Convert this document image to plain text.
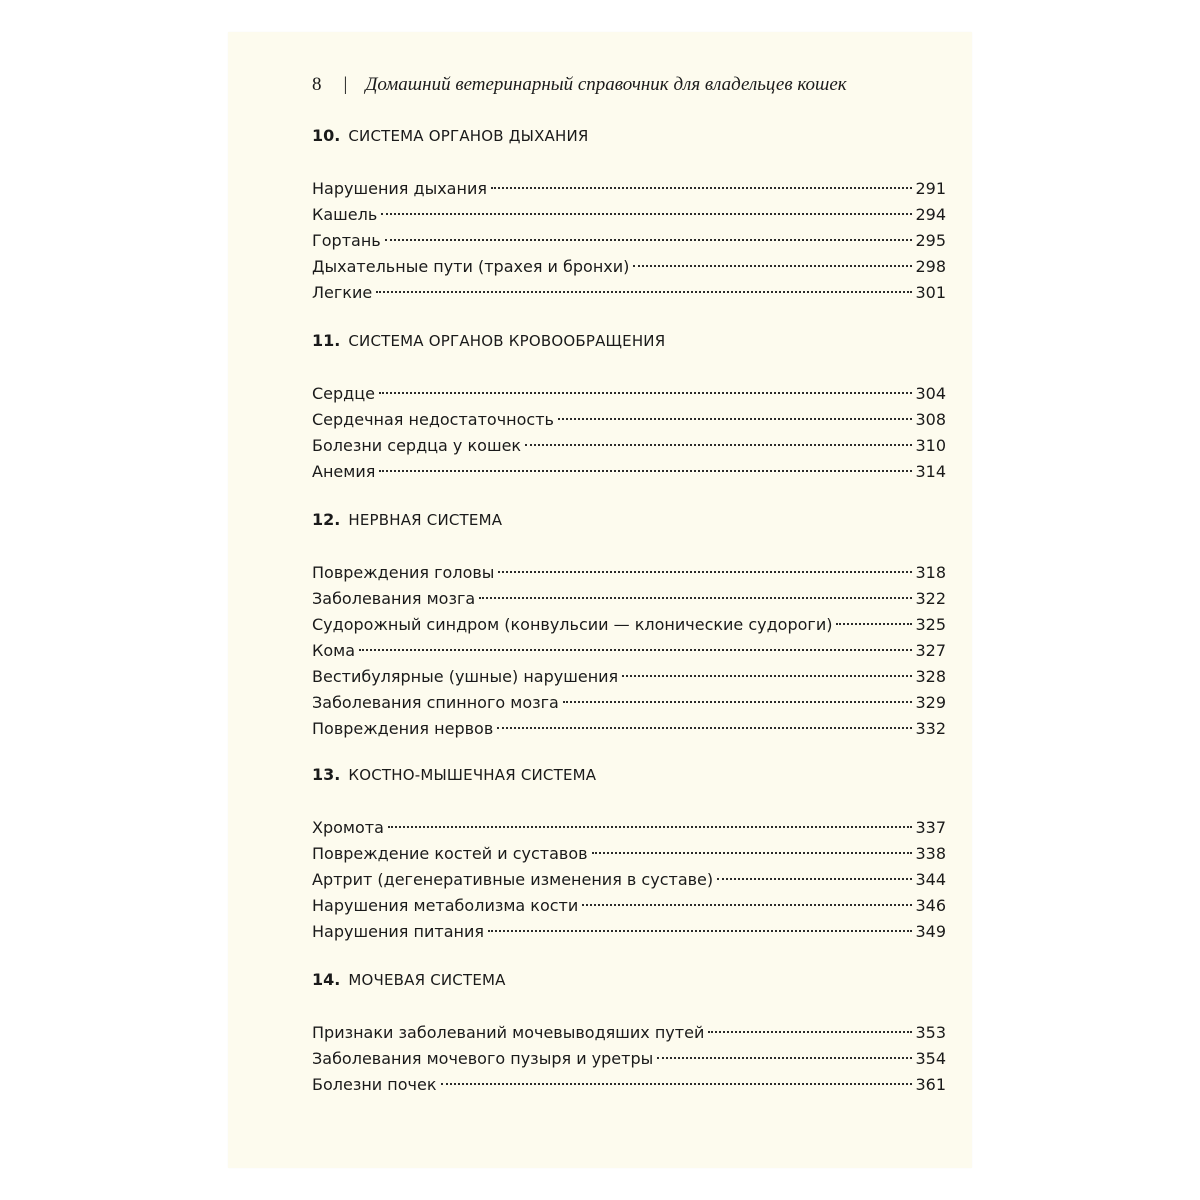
8 | Домашний ветеринарный справочник для владельцев кошек
10. СИСТЕМА ОРГАНОВ ДЫХАНИЯ
Нарушения дыхания	291
Кашель	294
Гортань	295
Дыхательные пути (трахея и бронхи)	298
Легкие	301
11. СИСТЕМА ОРГАНОВ КРОВООБРАЩЕНИЯ
Сердце	304
Сердечная недостаточность	308
Болезни сердца у кошек	310
Анемия	314
12. НЕРВНАЯ СИСТЕМА
Повреждения головы	318
Заболевания мозга	322
Судорожный синдром (конвульсии — клонические судороги)	325
Кома	327
Вестибулярные (ушные) нарушения	328
Заболевания спинного мозга	329
Повреждения нервов	332
13. КОСТНО-МЫШЕЧНАЯ СИСТЕМА
Хромота	337
Повреждение костей и суставов	338
Артрит (дегенеративные изменения в суставе)	344
Нарушения метаболизма кости	346
Нарушения питания	349
14. МОЧЕВАЯ СИСТЕМА
Признаки заболеваний мочевыводяших путей	353
Заболевания мочевого пузыря и уретры	354
Болезни почек	361
